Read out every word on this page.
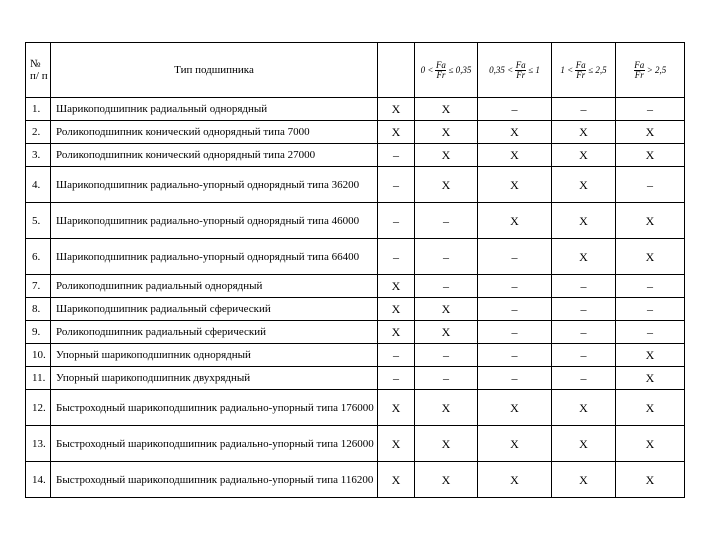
№ п/ п	Тип подшипника		$0 < \frac{Fa}{Fr} \le 0,35$	$0,35 < \frac{Fa}{Fr} \le 1$	$1 < \frac{Fa}{Fr} \le 2,5$	$\frac{Fa}{Fr} > 2,5$

1.	Шарикоподшипник радиальный однорядный	X	X	–	–	–
2.	Роликоподшипник конический однорядный типа 7000	X	X	X	X	X
3.	Роликоподшипник конический однорядный типа 27000	–	X	X	X	X
4.	Шарикоподшипник радиально-упорный однорядный типа 36200	–	X	X	X	–
5.	Шарикоподшипник радиально-упорный однорядный типа 46000	–	–	X	X	X
6.	Шарикоподшипник радиально-упорный однорядный типа 66400	–	–	–	X	X
7.	Роликоподшипник радиальный однорядный	X	–	–	–	–
8.	Шарикоподшипник радиальный сферический	X	X	–	–	–
9.	Роликоподшипник радиальный сферический	X	X	–	–	–
10.	Упорный шарикоподшипник однорядный	–	–	–	–	X
11.	Упорный шарикоподшипник двухрядный	–	–	–	–	X
12.	Быстроходный шарикоподшипник радиально-упорный типа 176000	X	X	X	X	X
13.	Быстроходный шарикоподшипник радиально-упорный типа 126000	X	X	X	X	X
14.	Быстроходный шарикоподшипник радиально-упорный типа 116200	X	X	X	X	X
